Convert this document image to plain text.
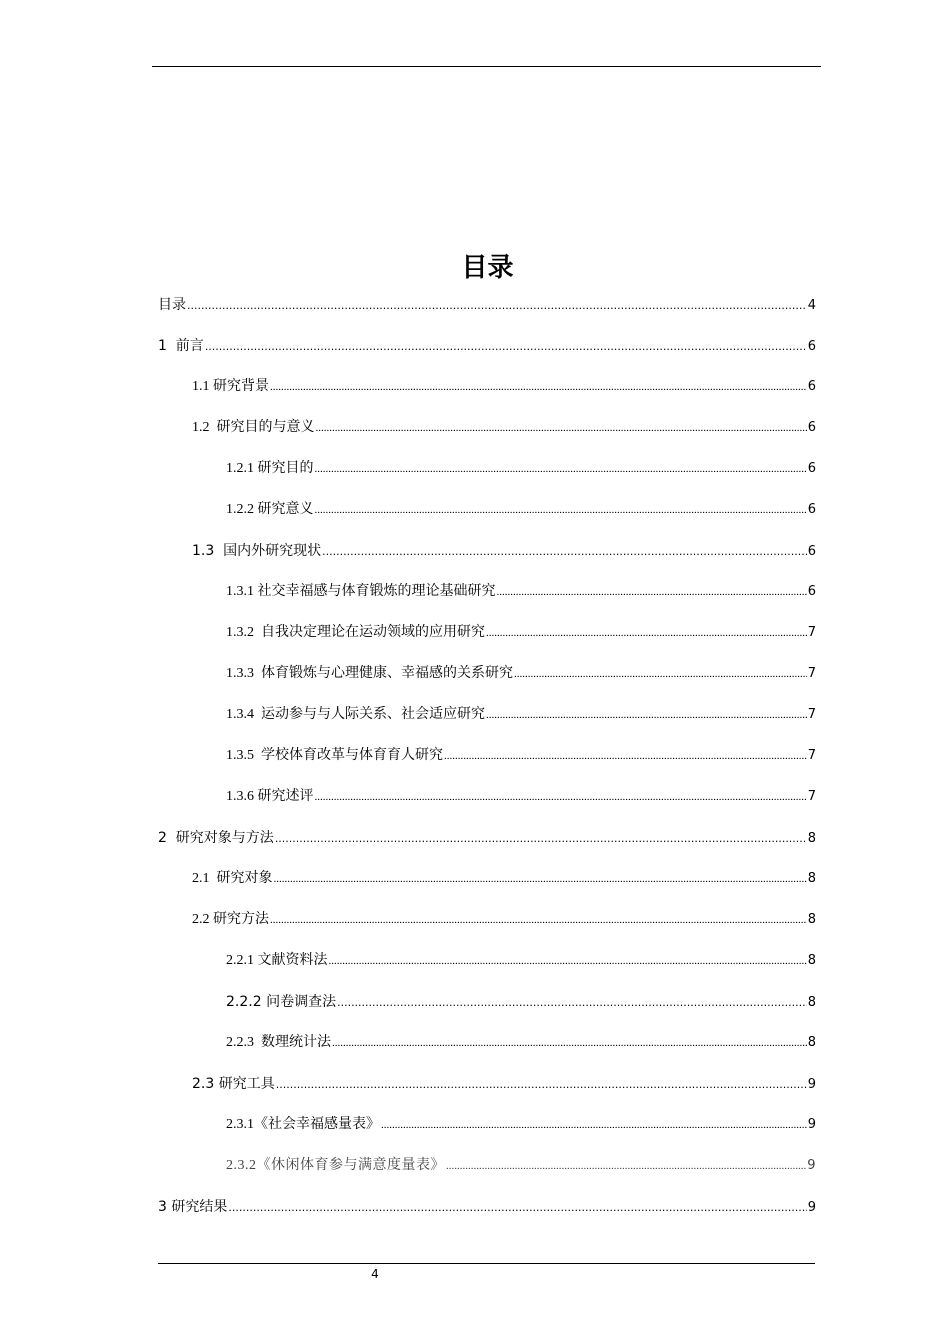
目录
目录 .....	4
1  前言 .....	6
1.1 研究背景 .....	6
1.2  研究目的与意义 .....	6
1.2.1 研究目的 .....	6
1.2.2 研究意义 .....	6
1.3  国内外研究现状 .....	6
1.3.1 社交幸福感与体育锻炼的理论基础研究 .....	6
1.3.2  自我决定理论在运动领域的应用研究 .....	7
1.3.3  体育锻炼与心理健康、幸福感的关系研究 .....	7
1.3.4  运动参与与人际关系、社会适应研究 .....	7
1.3.5  学校体育改革与体育育人研究 .....	7
1.3.6 研究述评 .....	7
2  研究对象与方法 .....	8
2.1  研究对象 .....	8
2.2 研究方法 .....	8
2.2.1 文献资料法 .....	8
2.2.2 问卷调查法 .....	8
2.2.3  数理统计法 .....	8
2.3 研究工具 .....	9
2.3.1《社会幸福感量表》 .....	9
2.3.2《休闲体育参与满意度量表》 .....	9
3 研究结果 .....	9
4
